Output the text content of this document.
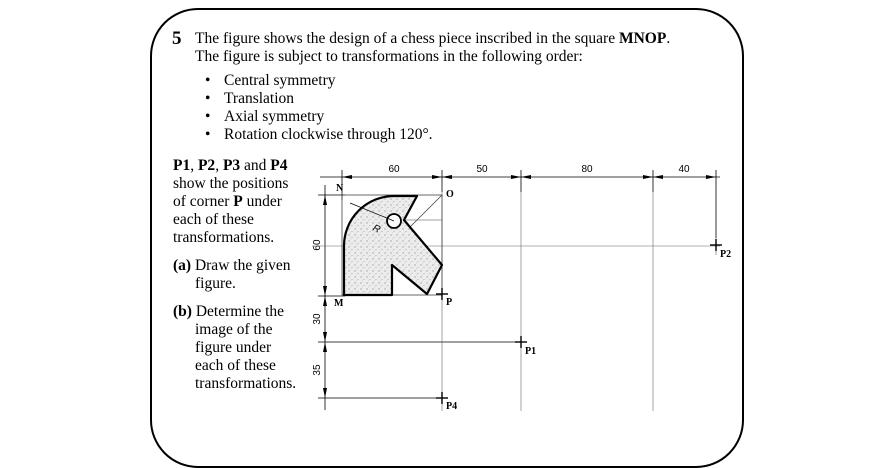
5 The figure shows the design of a chess piece inscribed in the square MNOP.
The figure is subject to transformations in the following order:
• Central symmetry
• Translation
• Axial symmetry
• Rotation clockwise through 120°.

P1, P2, P3 and P4 show the positions of corner P under each of these transformations.

(a) Draw the given figure.

(b) Determine the image of the figure under each of these transformations.

60	50	80	40
60
30
35
R
N
O
M	P
P1
P2
P4
